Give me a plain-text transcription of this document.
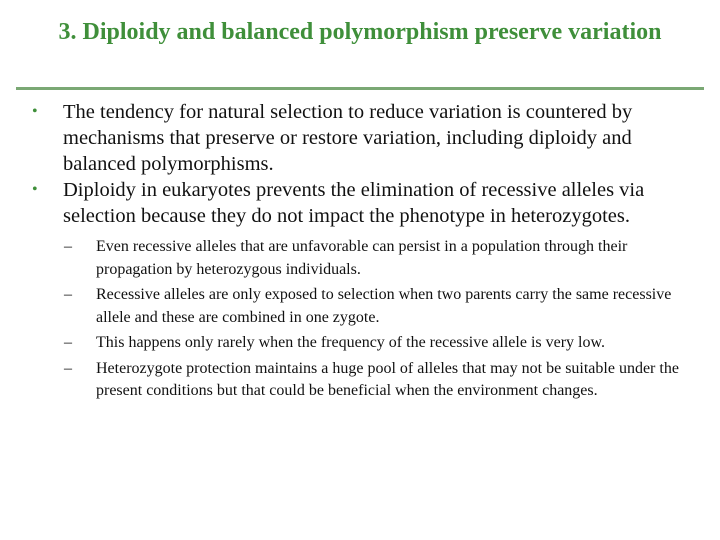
3. Diploidy and balanced polymorphism preserve variation

• The tendency for natural selection to reduce variation is countered by mechanisms that preserve or restore variation, including diploidy and balanced polymorphisms.

• Diploidy in eukaryotes prevents the elimination of recessive alleles via selection because they do not impact the phenotype in heterozygotes.

– Even recessive alleles that are unfavorable can persist in a population through their propagation by heterozygous individuals.

– Recessive alleles are only exposed to selection when two parents carry the same recessive allele and these are combined in one zygote.

– This happens only rarely when the frequency of the recessive allele is very low.

– Heterozygote protection maintains a huge pool of alleles that may not be suitable under the present conditions but that could be beneficial when the environment changes.
